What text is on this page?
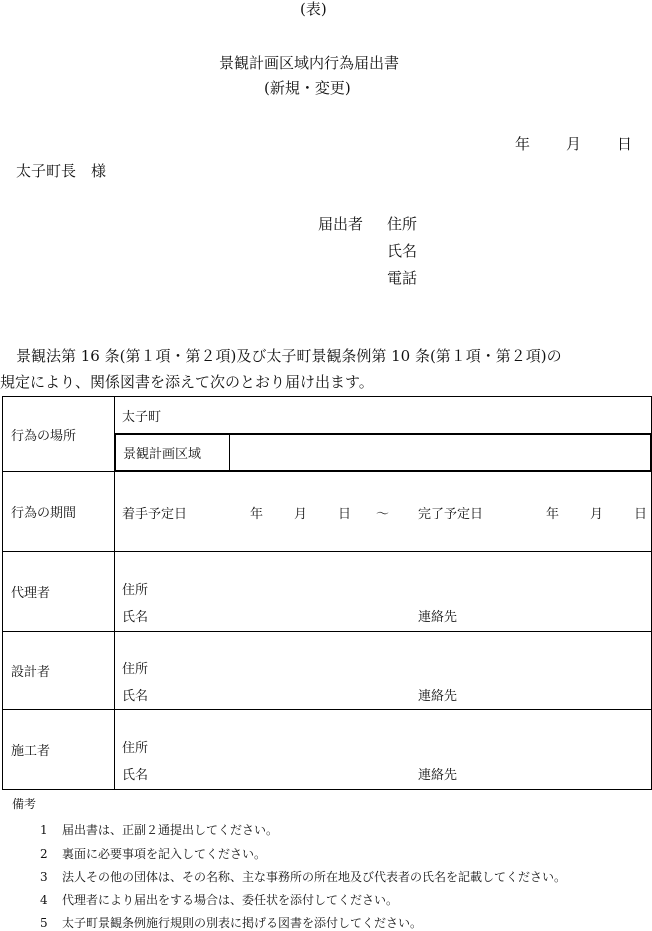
(表)
景観計画区域内行為届出書
(新規・変更)
年 月 日
太子町長　様
届出者 住所
氏名
電話
景観法第 16 条(第１項・第２項)及び太子町景観条例第 10 条(第１項・第２項)の
規定により、関係図書を添えて次のとおり届け出ます。
行為の場所	太子町

景観計画区域	

行為の期間	着手予定日	年 月 日 ～ 完了予定日	年 月 日

代理者	住所
氏名	連絡先

設計者	住所
氏名	連絡先

施工者	住所
氏名	連絡先
備考
1 届出書は、正副２通提出してください。
2 裏面に必要事項を記入してください。
3 法人その他の団体は、その名称、主な事務所の所在地及び代表者の氏名を記載してください。
4 代理者により届出をする場合は、委任状を添付してください。
5 太子町景観条例施行規則の別表に掲げる図書を添付してください。
